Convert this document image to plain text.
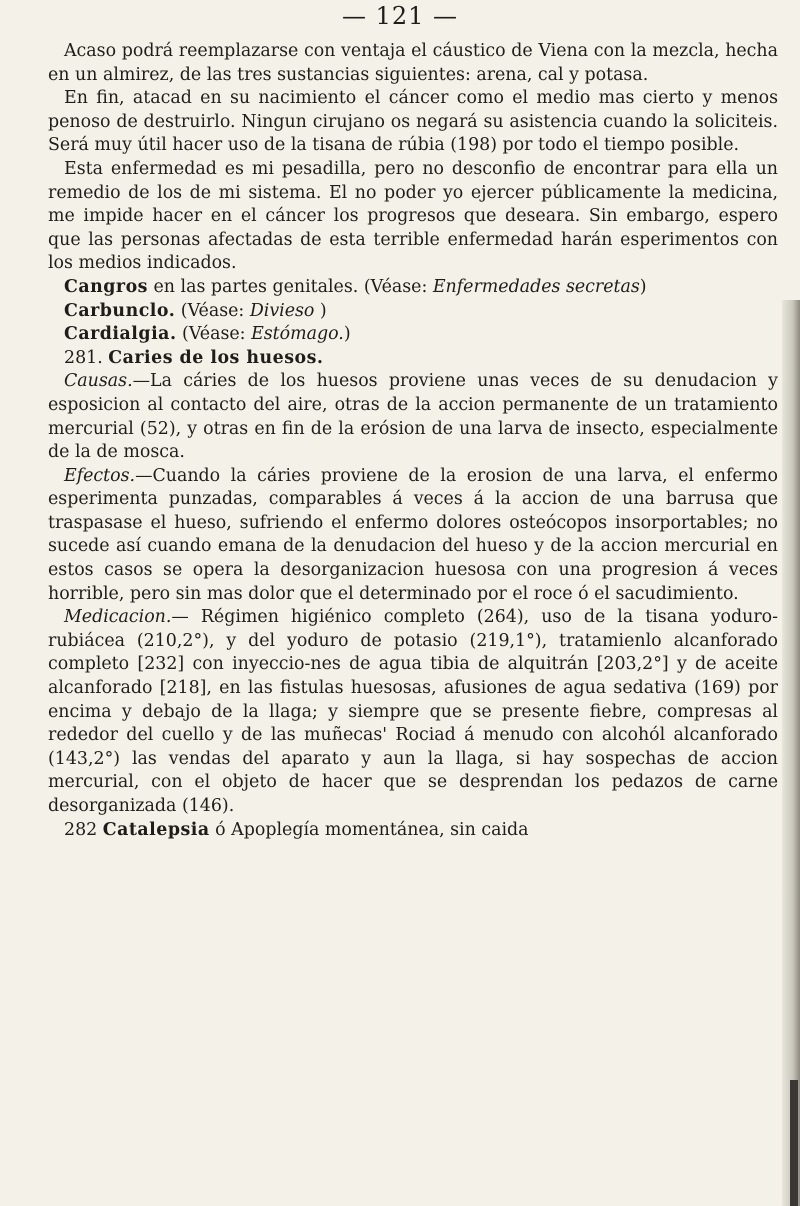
— 121 —

Acaso podrá reemplazarse con ventaja el cáustico de Viena con la mezcla, hecha en un almirez, de las tres sustancias siguientes: arena, cal y potasa.

En fin, atacad en su nacimiento el cáncer como el medio mas cierto y menos penoso de destruirlo. Ningun cirujano os negará su asistencia cuando la soliciteis. Será muy útil hacer uso de la tisana de rúbia (198) por todo el tiempo posible.

Esta enfermedad es mi pesadilla, pero no desconfio de encontrar para ella un remedio de los de mi sistema. El no poder yo ejercer públicamente la medicina, me impide hacer en el cáncer los progresos que deseara. Sin embargo, espero que las personas afectadas de esta terrible enfermedad harán esperimentos con los medios indicados.

Cangros en las partes genitales. (Véase: Enfermedades secretas)

Carbunclo. (Véase: Divieso )

Cardialgia. (Véase: Estómago.)

281. Caries de los huesos.

Causas.—La cáries de los huesos proviene unas veces de su denudacion y esposicion al contacto del aire, otras de la accion permanente de un tratamiento mercurial (52), y otras en fin de la erósion de una larva de insecto, especialmente de la de mosca.

Efectos.—Cuando la cáries proviene de la erosion de una larva, el enfermo esperimenta punzadas, comparables á veces á la accion de una barrusa que traspasase el hueso, sufriendo el enfermo dolores osteócopos insorportables; no sucede así cuando emana de la denudacion del hueso y de la accion mercurial en estos casos se opera la desorganizacion huesosa con una progresion á veces horrible, pero sin mas dolor que el determinado por el roce ó el sacudimiento.

Medicacion.— Régimen higiénico completo (264), uso de la tisana yoduro-rubiácea (210,2°), y del yoduro de potasio (219,1°), tratamienlo alcanforado completo [232] con inyeccio-nes de agua tibia de alquitrán [203,2°] y de aceite alcanforado [218], en las fistulas huesosas, afusiones de agua sedativa (169) por encima y debajo de la llaga; y siempre que se presente fiebre, compresas al rededor del cuello y de las muñecas' Rociad á menudo con alcohól alcanforado (143,2°) las vendas del aparato y aun la llaga, si hay sospechas de accion mercurial, con el objeto de hacer que se desprendan los pedazos de carne desorganizada (146).

282 Catalepsia ó Apoplegía momentánea, sin caida
